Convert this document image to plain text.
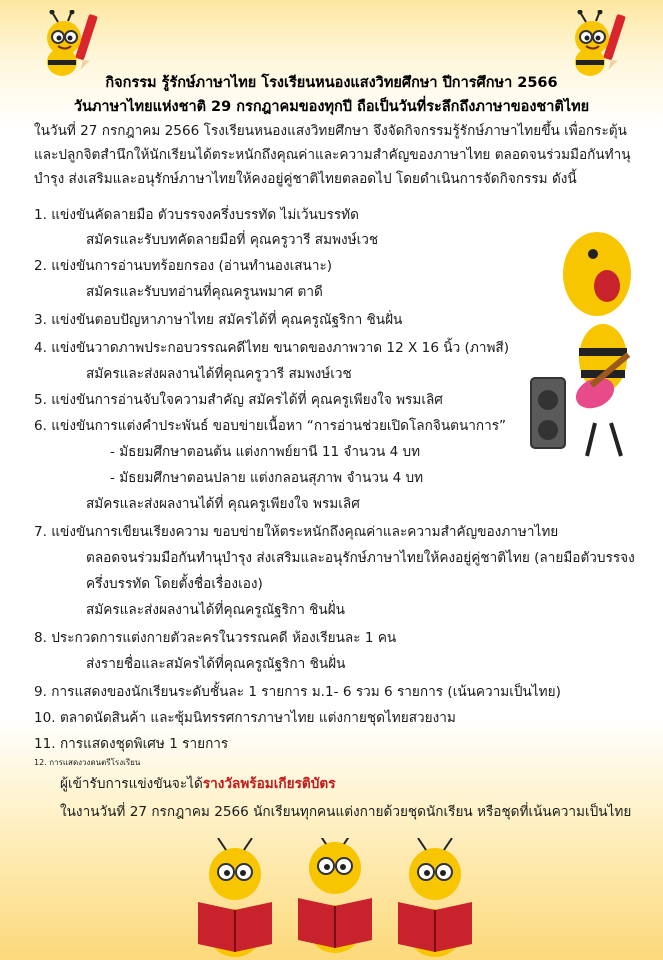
กิจกรรม รู้รักษ์ภาษาไทย โรงเรียนหนองแสงวิทยศึกษา ปีการศึกษา 2566
วันภาษาไทยแห่งชาติ 29 กรกฎาคมของทุกปี ถือเป็นวันที่ระลึกถึงภาษาของชาติไทย
ในวันที่ 27 กรกฎาคม 2566 โรงเรียนหนองแสงวิทยศึกษา จึงจัดกิจกรรมรู้รักษ์ภาษาไทยขึ้น เพื่อกระตุ้น
และปลูกจิตสำนึกให้นักเรียนได้ตระหนักถึงคุณค่าและความสำคัญของภาษาไทย ตลอดจนร่วมมือกันทำนุ
บำรุง ส่งเสริมและอนุรักษ์ภาษาไทยให้คงอยู่คู่ชาติไทยตลอดไป โดยดำเนินการจัดกิจกรรม ดังนี้
1. แข่งขันคัดลายมือ ตัวบรรจงครึ่งบรรทัด ไม่เว้นบรรทัด
สมัครและรับบทคัดลายมือที่ คุณครูวารี สมพงษ์เวช
2. แข่งขันการอ่านบทร้อยกรอง (อ่านทำนองเสนาะ)
สมัครและรับบทอ่านที่คุณครูนพมาศ ตาดี
3. แข่งขันตอบปัญหาภาษาไทย สมัครได้ที่ คุณครูณัฐริกา ชินฝั่น
4. แข่งขันวาดภาพประกอบวรรณคดีไทย ขนาดของภาพวาด 12 X 16 นิ้ว (ภาพสี)
สมัครและส่งผลงานได้ที่คุณครูวารี สมพงษ์เวช
5. แข่งขันการอ่านจับใจความสำคัญ สมัครได้ที่ คุณครูเพียงใจ พรมเลิศ
6. แข่งขันการแต่งคำประพันธ์ ขอบข่ายเนื้อหา “การอ่านช่วยเปิดโลกจินตนาการ”
- มัธยมศึกษาตอนต้น แต่งกาพย์ยานี 11 จำนวน 4 บท
- มัธยมศึกษาตอนปลาย แต่งกลอนสุภาพ จำนวน 4 บท
สมัครและส่งผลงานได้ที่ คุณครูเพียงใจ พรมเลิศ
7. แข่งขันการเขียนเรียงความ ขอบข่ายให้ตระหนักถึงคุณค่าและความสำคัญของภาษาไทย
ตลอดจนร่วมมือกันทำนุบำรุง ส่งเสริมและอนุรักษ์ภาษาไทยให้คงอยู่คู่ชาติไทย (ลายมือตัวบรรจง
ครึ่งบรรทัด โดยตั้งชื่อเรื่องเอง)
สมัครและส่งผลงานได้ที่คุณครูณัฐริกา ชินฝั่น
8. ประกวดการแต่งกายตัวละครในวรรณคดี ห้องเรียนละ 1 คน
ส่งรายชื่อและสมัครได้ที่คุณครูณัฐริกา ชินฝั่น
9. การแสดงของนักเรียนระดับชั้นละ 1 รายการ ม.1- 6 รวม 6 รายการ (เน้นความเป็นไทย)
10. ตลาดนัดสินค้า และซุ้มนิทรรศการภาษาไทย แต่งกายชุดไทยสวยงาม
11. การแสดงชุดพิเศษ 1 รายการ
12. การแสดงวงดนตรีโรงเรียน
ผู้เข้ารับการแข่งขันจะได้รางวัลพร้อมเกียรติบัตร
ในงานวันที่ 27 กรกฎาคม 2566 นักเรียนทุกคนแต่งกายด้วยชุดนักเรียน หรือชุดที่เน้นความเป็นไทย
